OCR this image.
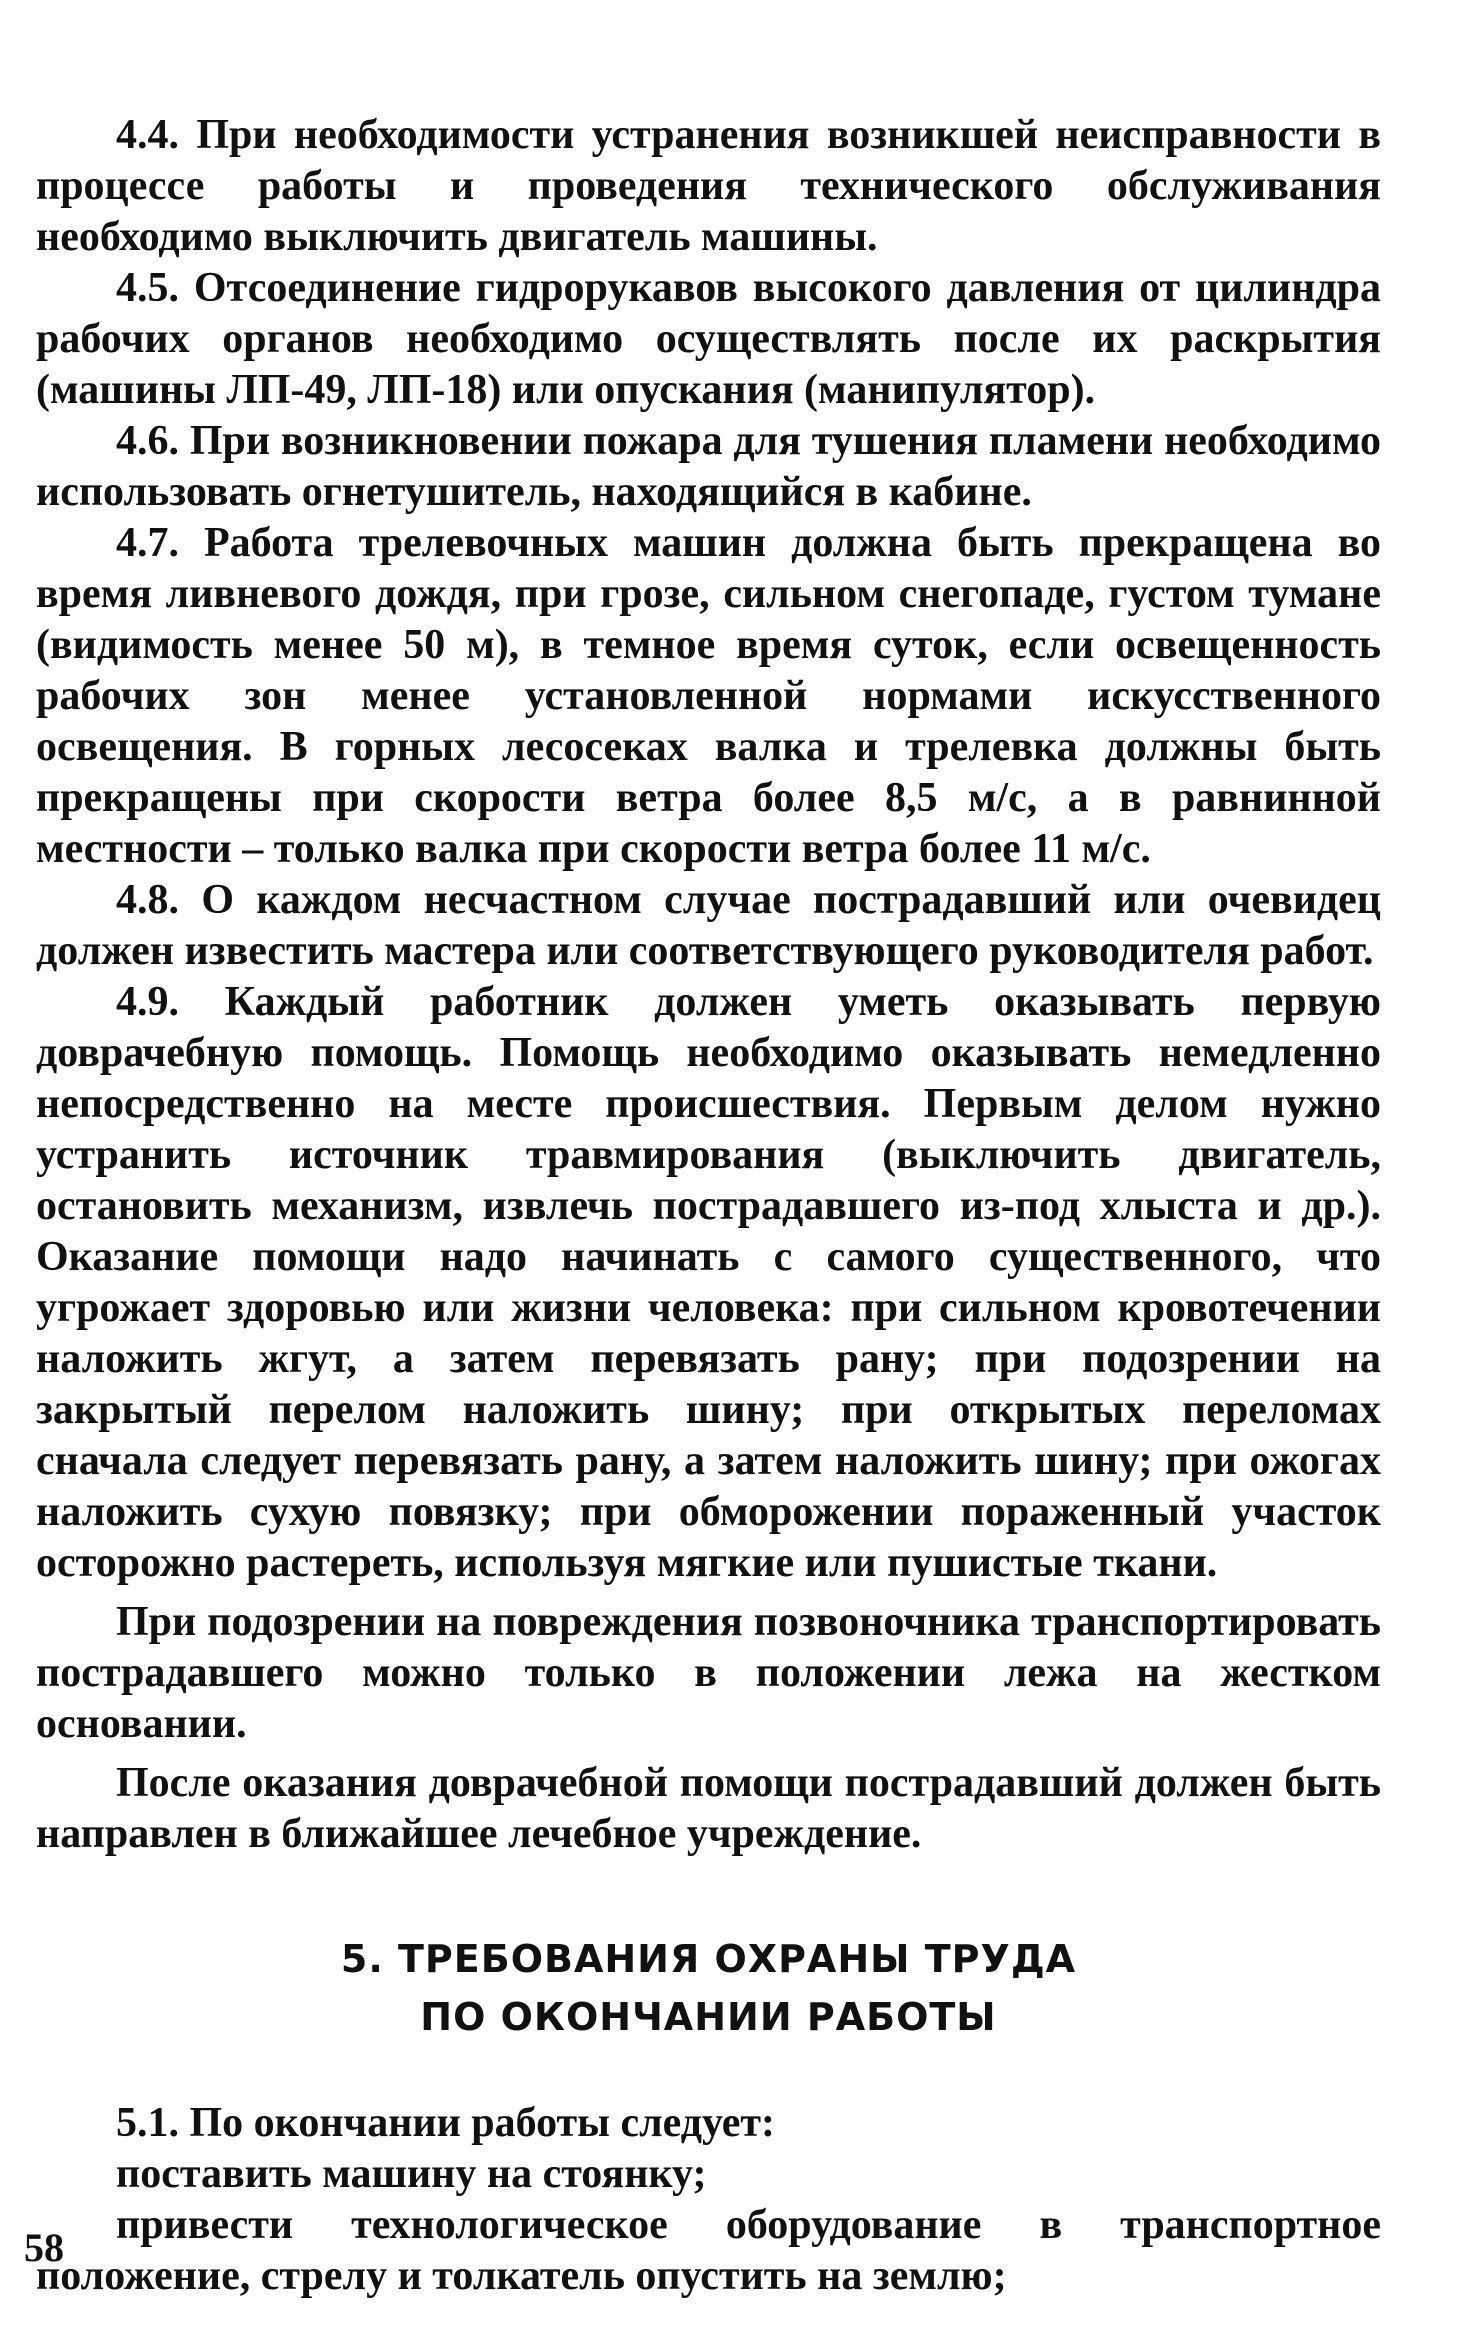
4.4. При необходимости устранения возникшей неисправности в процессе работы и проведения технического обслуживания необходимо выключить двигатель машины.

4.5. Отсоединение гидрорукавов высокого давления от цилиндра рабочих органов необходимо осуществлять после их раскрытия (машины ЛП-49, ЛП-18) или опускания (манипулятор).

4.6. При возникновении пожара для тушения пламени необходимо использовать огнетушитель, находящийся в кабине.

4.7. Работа трелевочных машин должна быть прекращена во время ливневого дождя, при грозе, сильном снегопаде, густом тумане (видимость менее 50 м), в темное время суток, если освещенность рабочих зон менее установленной нормами искусственного освещения. В горных лесосеках валка и трелевка должны быть прекращены при скорости ветра более 8,5 м/с, а в равнинной местности – только валка при скорости ветра более 11 м/с.

4.8. О каждом несчастном случае пострадавший или очевидец должен известить мастера или соответствующего руководителя работ.

4.9. Каждый работник должен уметь оказывать первую доврачебную помощь. Помощь необходимо оказывать немедленно непосредственно на месте происшествия. Первым делом нужно устранить источник травмирования (выключить двигатель, остановить механизм, извлечь пострадавшего из-под хлыста и др.). Оказание помощи надо начинать с самого существенного, что угрожает здоровью или жизни человека: при сильном кровотечении наложить жгут, а затем перевязать рану; при подозрении на закрытый перелом наложить шину; при открытых переломах сначала следует перевязать рану, а затем наложить шину; при ожогах наложить сухую повязку; при обморожении пораженный участок осторожно растереть, используя мягкие или пушистые ткани.

При подозрении на повреждения позвоночника транспортировать пострадавшего можно только в положении лежа на жестком основании.

После оказания доврачебной помощи пострадавший должен быть направлен в ближайшее лечебное учреждение.

5. ТРЕБОВАНИЯ ОХРАНЫ ТРУДА
ПО ОКОНЧАНИИ РАБОТЫ

5.1. По окончании работы следует:

поставить машину на стоянку;

привести технологическое оборудование в транспортное положение, стрелу и толкатель опустить на землю;

58
